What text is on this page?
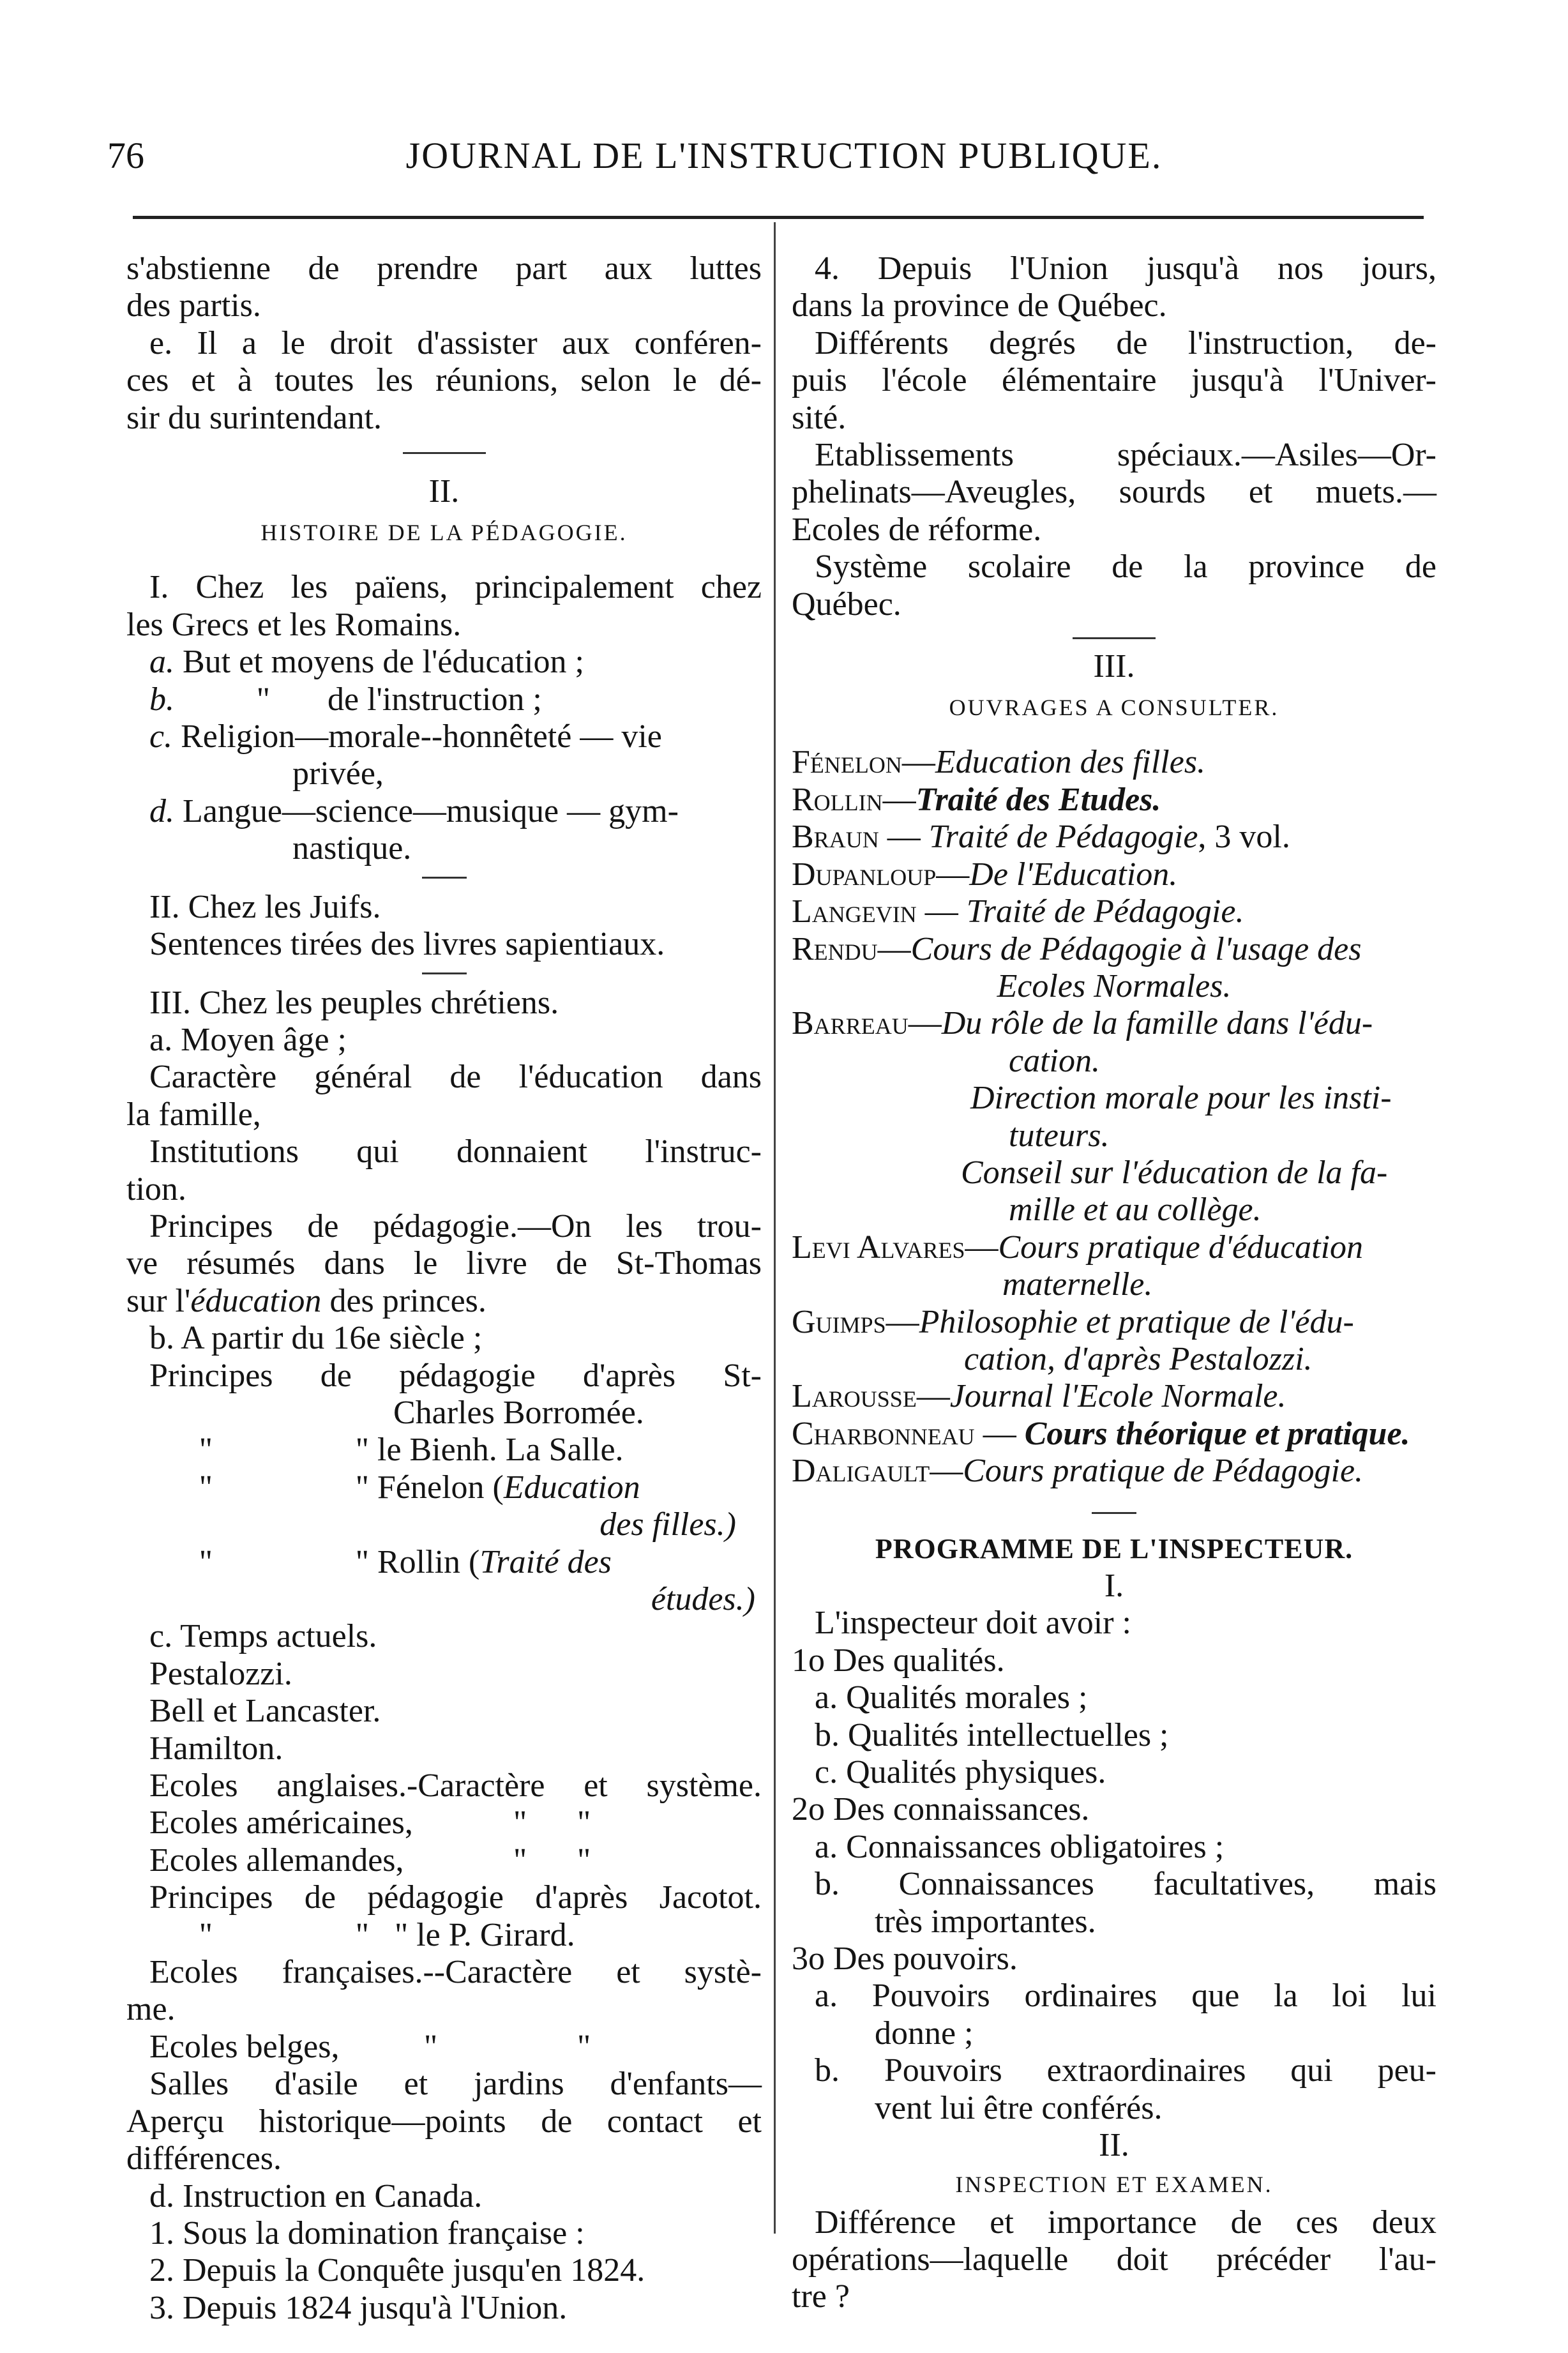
76	JOURNAL DE L'INSTRUCTION PUBLIQUE.
s'abstienne de prendre part aux luttes
des partis.
e. Il a le droit d'assister aux conféren-
ces et à toutes les réunions, selon le dé-
sir du surintendant.
II.
HISTOIRE DE LA PÉDAGOGIE.
I. Chez les païens, principalement chez
les Grecs et les Romains.
a. But et moyens de l'éducation ;
b. " de l'instruction ;
c. Religion—morale--honnêteté — vie
privée,
d. Langue—science—musique — gym-
nastique.
II. Chez les Juifs.
Sentences tirées des livres sapientiaux.
III. Chez les peuples chrétiens.
a. Moyen âge ;
Caractère général de l'éducation dans
la famille,
Institutions qui donnaient l'instruc-
tion.
Principes de pédagogie.—On les trou-
ve résumés dans le livre de St-Thomas
sur l'éducation des princes.
b. A partir du 16e siècle ;
Principes de pédagogie d'après St-
Charles Borromée.
"	" le Bienh. La Salle.
"	" Fénelon (Education
des filles.)
"	" Rollin (Traité des
études.)
c. Temps actuels.
Pestalozzi.
Bell et Lancaster.
Hamilton.
Ecoles anglaises.-Caractère et système.
Ecoles américaines,	" "
Ecoles allemandes,	" "
Principes de pédagogie d'après Jacotot.
"	" " le P. Girard.
Ecoles françaises.--Caractère et systè-
me.
Ecoles belges,	"	"
Salles d'asile et jardins d'enfants—
Aperçu historique—points de contact et
différences.
d. Instruction en Canada.
1. Sous la domination française :
2. Depuis la Conquête jusqu'en 1824.
3. Depuis 1824 jusqu'à l'Union.
4. Depuis l'Union jusqu'à nos jours,
dans la province de Québec.
Différents degrés de l'instruction, de-
puis l'école élémentaire jusqu'à l'Univer-
sité.
Etablissements spéciaux.—Asiles—Or-
phelinats—Aveugles, sourds et muets.—
Ecoles de réforme.
Système scolaire de la province de
Québec.
III.
OUVRAGES A CONSULTER.
Fénelon—Education des filles.
Rollin—Traité des Etudes.
Braun — Traité de Pédagogie, 3 vol.
Dupanloup—De l'Education.
Langevin — Traité de Pédagogie.
Rendu—Cours de Pédagogie à l'usage des
Ecoles Normales.
Barreau—Du rôle de la famille dans l'édu-
cation.
Direction morale pour les insti-
tuteurs.
Conseil sur l'éducation de la fa-
mille et au collège.
Levi Alvares—Cours pratique d'éducation
maternelle.
Guimps—Philosophie et pratique de l'édu-
cation, d'après Pestalozzi.
Larousse—Journal l'Ecole Normale.
Charbonneau — Cours théorique et pratique.
Daligault—Cours pratique de Pédagogie.
PROGRAMME DE L'INSPECTEUR.
I.
L'inspecteur doit avoir :
1o Des qualités.
a. Qualités morales ;
b. Qualités intellectuelles ;
c. Qualités physiques.
2o Des connaissances.
a. Connaissances obligatoires ;
b. Connaissances facultatives, mais
très importantes.
3o Des pouvoirs.
a. Pouvoirs ordinaires que la loi lui
donne ;
b. Pouvoirs extraordinaires qui peu-
vent lui être conférés.
II.
INSPECTION ET EXAMEN.
Différence et importance de ces deux
opérations—laquelle doit précéder l'au-
tre ?
